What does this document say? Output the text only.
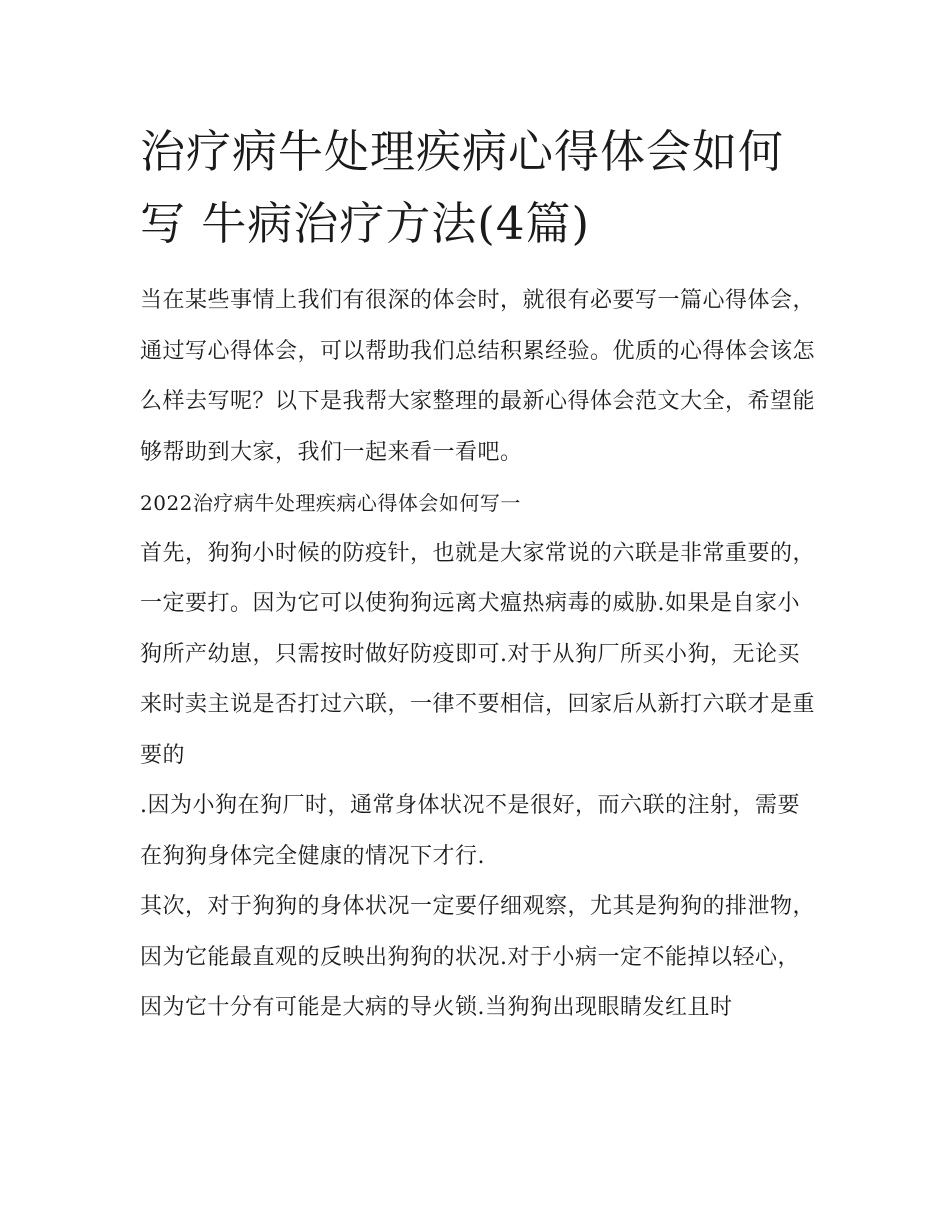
治疗病牛处理疾病心得体会如何写 牛病治疗方法(4篇)

当在某些事情上我们有很深的体会时，就很有必要写一篇心得体会，通过写心得体会，可以帮助我们总结积累经验。优质的心得体会该怎么样去写呢？以下是我帮大家整理的最新心得体会范文大全，希望能够帮助到大家，我们一起来看一看吧。

2022治疗病牛处理疾病心得体会如何写一

首先，狗狗小时候的防疫针，也就是大家常说的六联是非常重要的，一定要打。因为它可以使狗狗远离犬瘟热病毒的威胁.如果是自家小狗所产幼崽，只需按时做好防疫即可.对于从狗厂所买小狗，无论买来时卖主说是否打过六联，一律不要相信，回家后从新打六联才是重要的

.因为小狗在狗厂时，通常身体状况不是很好，而六联的注射，需要在狗狗身体完全健康的情况下才行.

其次，对于狗狗的身体状况一定要仔细观察，尤其是狗狗的排泄物，因为它能最直观的反映出狗狗的状况.对于小病一定不能掉以轻心，

因为它十分有可能是大病的导火锁.当狗狗出现眼睛发红且时
